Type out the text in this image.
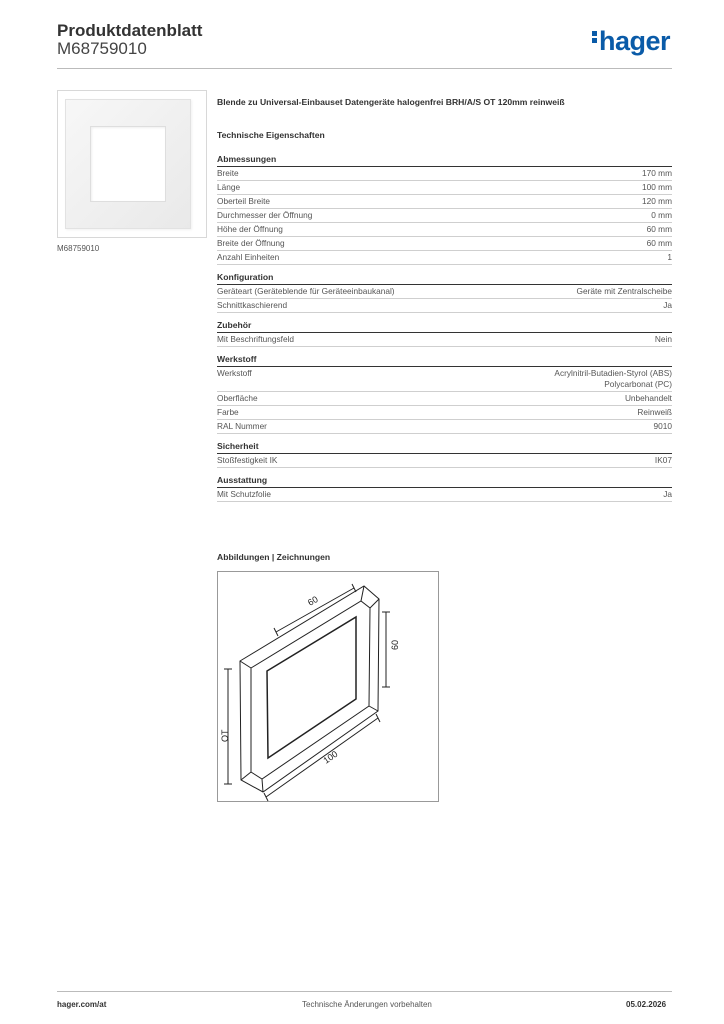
Produktdatenblatt
M68759010	hager
M68759010
Blende zu Universal-Einbauset Datengeräte halogenfrei BRH/A/S OT 120mm reinweiß
Technische Eigenschaften
Abmessungen
Breite	170 mm
Länge	100 mm
Oberteil Breite	120 mm
Durchmesser der Öffnung	0 mm
Höhe der Öffnung	60 mm
Breite der Öffnung	60 mm
Anzahl Einheiten	1
Konfiguration
Geräteart (Geräteblende für Geräteeinbaukanal)	Geräte mit Zentralscheibe
Schnittkaschierend	Ja
Zubehör
Mit Beschriftungsfeld	Nein
Werkstoff
Werkstoff	Acrylnitril-Butadien-Styrol (ABS)
Polycarbonat (PC)
Oberfläche	Unbehandelt
Farbe	Reinweiß
RAL Nummer	9010
Sicherheit
Stoßfestigkeit IK	IK07
Ausstattung
Mit Schutzfolie	Ja
Abbildungen | Zeichnungen
60
60
OT
100
hager.com/at	Technische Änderungen vorbehalten	05.02.2026
